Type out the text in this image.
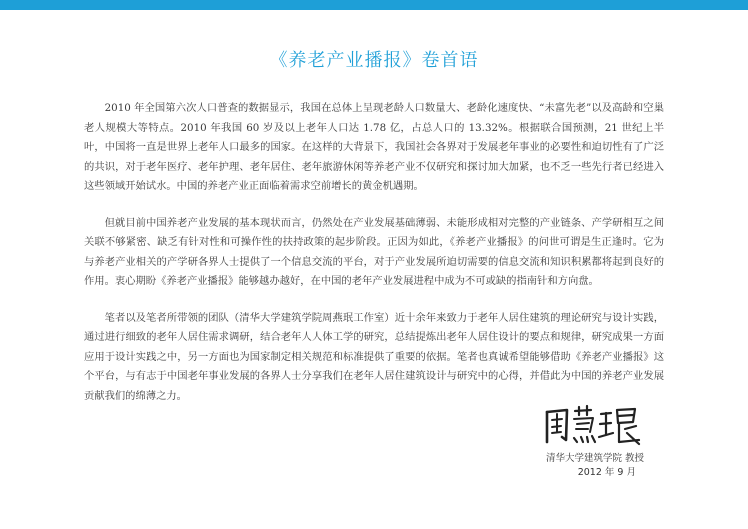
《养老产业播报》卷首语

2010 年全国第六次人口普查的数据显示，我国在总体上呈现老龄人口数量大、老龄化速度快、“未富先老”以及高龄和空巢老人规模大等特点。2010 年我国 60 岁及以上老年人口达 1.78 亿，占总人口的 13.32%。根据联合国预测，21 世纪上半叶，中国将一直是世界上老年人口最多的国家。在这样的大背景下，我国社会各界对于发展老年事业的必要性和迫切性有了广泛的共识，对于老年医疗、老年护理、老年居住、老年旅游休闲等养老产业不仅研究和探讨加大加紧，也不乏一些先行者已经进入这些领域开始试水。中国的养老产业正面临着需求空前增长的黄金机遇期。

但就目前中国养老产业发展的基本现状而言，仍然处在产业发展基础薄弱、未能形成相对完整的产业链条、产学研相互之间关联不够紧密、缺乏有针对性和可操作性的扶持政策的起步阶段。正因为如此，《养老产业播报》的问世可谓是生正逢时。它为与养老产业相关的产学研各界人士提供了一个信息交流的平台，对于产业发展所迫切需要的信息交流和知识积累都将起到良好的作用。衷心期盼《养老产业播报》能够越办越好，在中国的老年产业发展进程中成为不可或缺的指南针和方向盘。

笔者以及笔者所带领的团队（清华大学建筑学院周燕珉工作室）近十余年来致力于老年人居住建筑的理论研究与设计实践，通过进行细致的老年人居住需求调研，结合老年人人体工学的研究，总结提炼出老年人居住设计的要点和规律，研究成果一方面应用于设计实践之中，另一方面也为国家制定相关规范和标准提供了重要的依据。笔者也真诚希望能够借助《养老产业播报》这个平台，与有志于中国老年事业发展的各界人士分享我们在老年人居住建筑设计与研究中的心得，并借此为中国的养老产业发展贡献我们的绵薄之力。

清华大学建筑学院 教授
2012 年 9 月
